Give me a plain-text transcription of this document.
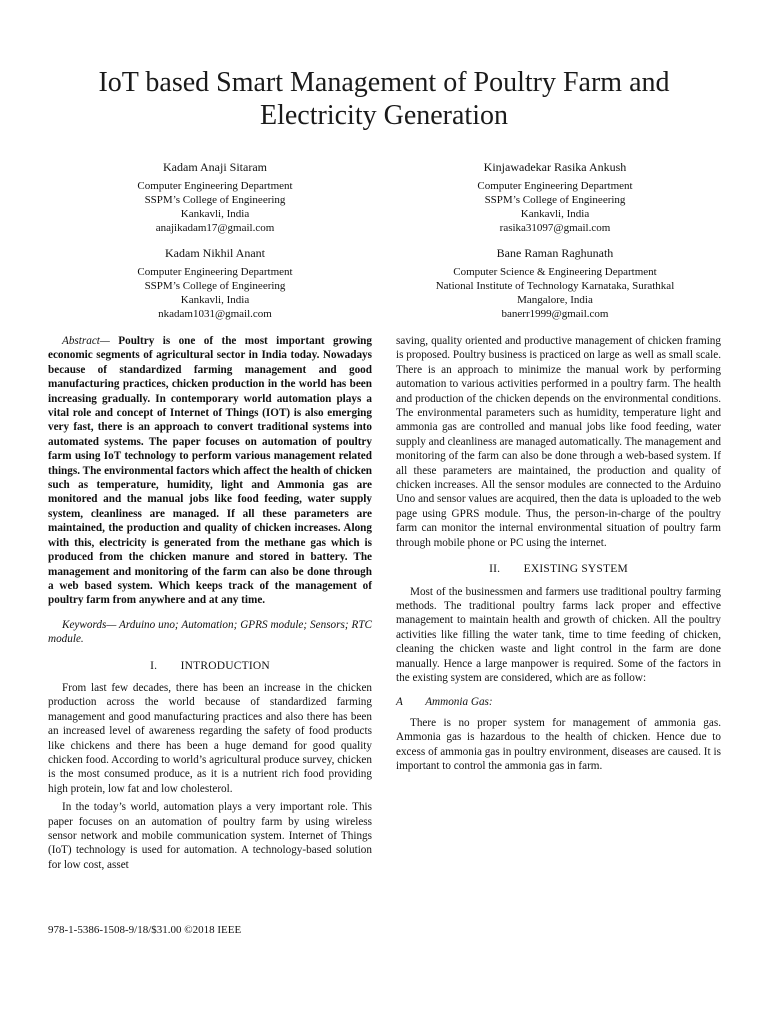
IoT based Smart Management of Poultry Farm and Electricity Generation
Kadam Anaji Sitaram
Computer Engineering Department
SSPM’s College of Engineering
Kankavli, India
anajikadam17@gmail.com
Kinjawadekar Rasika Ankush
Computer Engineering Department
SSPM’s College of Engineering
Kankavli, India
rasika31097@gmail.com
Kadam Nikhil Anant
Computer Engineering Department
SSPM’s College of Engineering
Kankavli, India
nkadam1031@gmail.com
Bane Raman Raghunath
Computer Science & Engineering Department
National Institute of Technology Karnataka, Surathkal
Mangalore, India
banerr1999@gmail.com

Abstract— Poultry is one of the most important growing economic segments of agricultural sector in India today. Nowadays because of standardized farming management and good manufacturing practices, chicken production in the world has been increasing gradually. In contemporary world automation plays a vital role and concept of Internet of Things (IOT) is also emerging very fast, there is an approach to convert traditional systems into automated systems. The paper focuses on automation of poultry farm using IoT technology to perform various management related things. The environmental factors which affect the health of chicken such as temperature, humidity, light and Ammonia gas are monitored and the manual jobs like food feeding, water supply system, cleanliness are managed. If all these parameters are maintained, the production and quality of chicken increases. Along with this, electricity is generated from the methane gas which is produced from the chicken manure and stored in battery. The management and monitoring of the farm can also be done through a web based system. Which keeps track of the management of poultry farm from anywhere and at any time.

Keywords— Arduino uno; Automation; GPRS module; Sensors; RTC module.

I.  INTRODUCTION

From last few decades, there has been an increase in the chicken production across the world because of standardized farming management and good manufacturing practices and also there has been an increased level of awareness regarding the safety of food products like chickens and there has been a huge demand for good quality chicken food. According to world’s agricultural produce survey, chicken is the most consumed produce, as it is a nutrient rich food providing high protein, low fat and low cholesterol.

In the today’s world, automation plays a very important role. This paper focuses on an automation of poultry farm by using wireless sensor network and mobile communication system. Internet of Things (IoT) technology is used for automation. A technology-based solution for low cost, asset

saving, quality oriented and productive management of chicken framing is proposed. Poultry business is practiced on large as well as small scale. There is an approach to minimize the manual work by performing automation to various activities performed in a poultry farm. The health and production of the chicken depends on the environmental conditions. The environmental parameters such as humidity, temperature light and ammonia gas are controlled and manual jobs like food feeding, water supply and cleanliness are managed automatically. The management and monitoring of the farm can also be done through a web-based system. If all these parameters are maintained, the production and quality of chicken increases. All the sensor modules are connected to the Arduino Uno and sensor values are acquired, then the data is uploaded to the web page using GPRS module. Thus, the person-in-charge of the poultry farm can monitor the internal environmental situation of poultry farm through mobile phone or PC using the internet.

II.  EXISTING SYSTEM

Most of the businessmen and farmers use traditional poultry farming methods. The traditional poultry farms lack proper and effective management to maintain health and growth of chicken. All the poultry activities like filling the water tank, time to time feeding of chicken, cleaning the chicken waste and light control in the farm are done manually. Hence a large manpower is required. Some of the factors in the existing system are considered, which are as follow:

A  Ammonia Gas:

There is no proper system for management of ammonia gas. Ammonia gas is hazardous to the health of chicken. Hence due to excess of ammonia gas in poultry environment, diseases are caused. It is important to control the ammonia gas in farm.

978-1-5386-1508-9/18/$31.00 ©2018 IEEE
